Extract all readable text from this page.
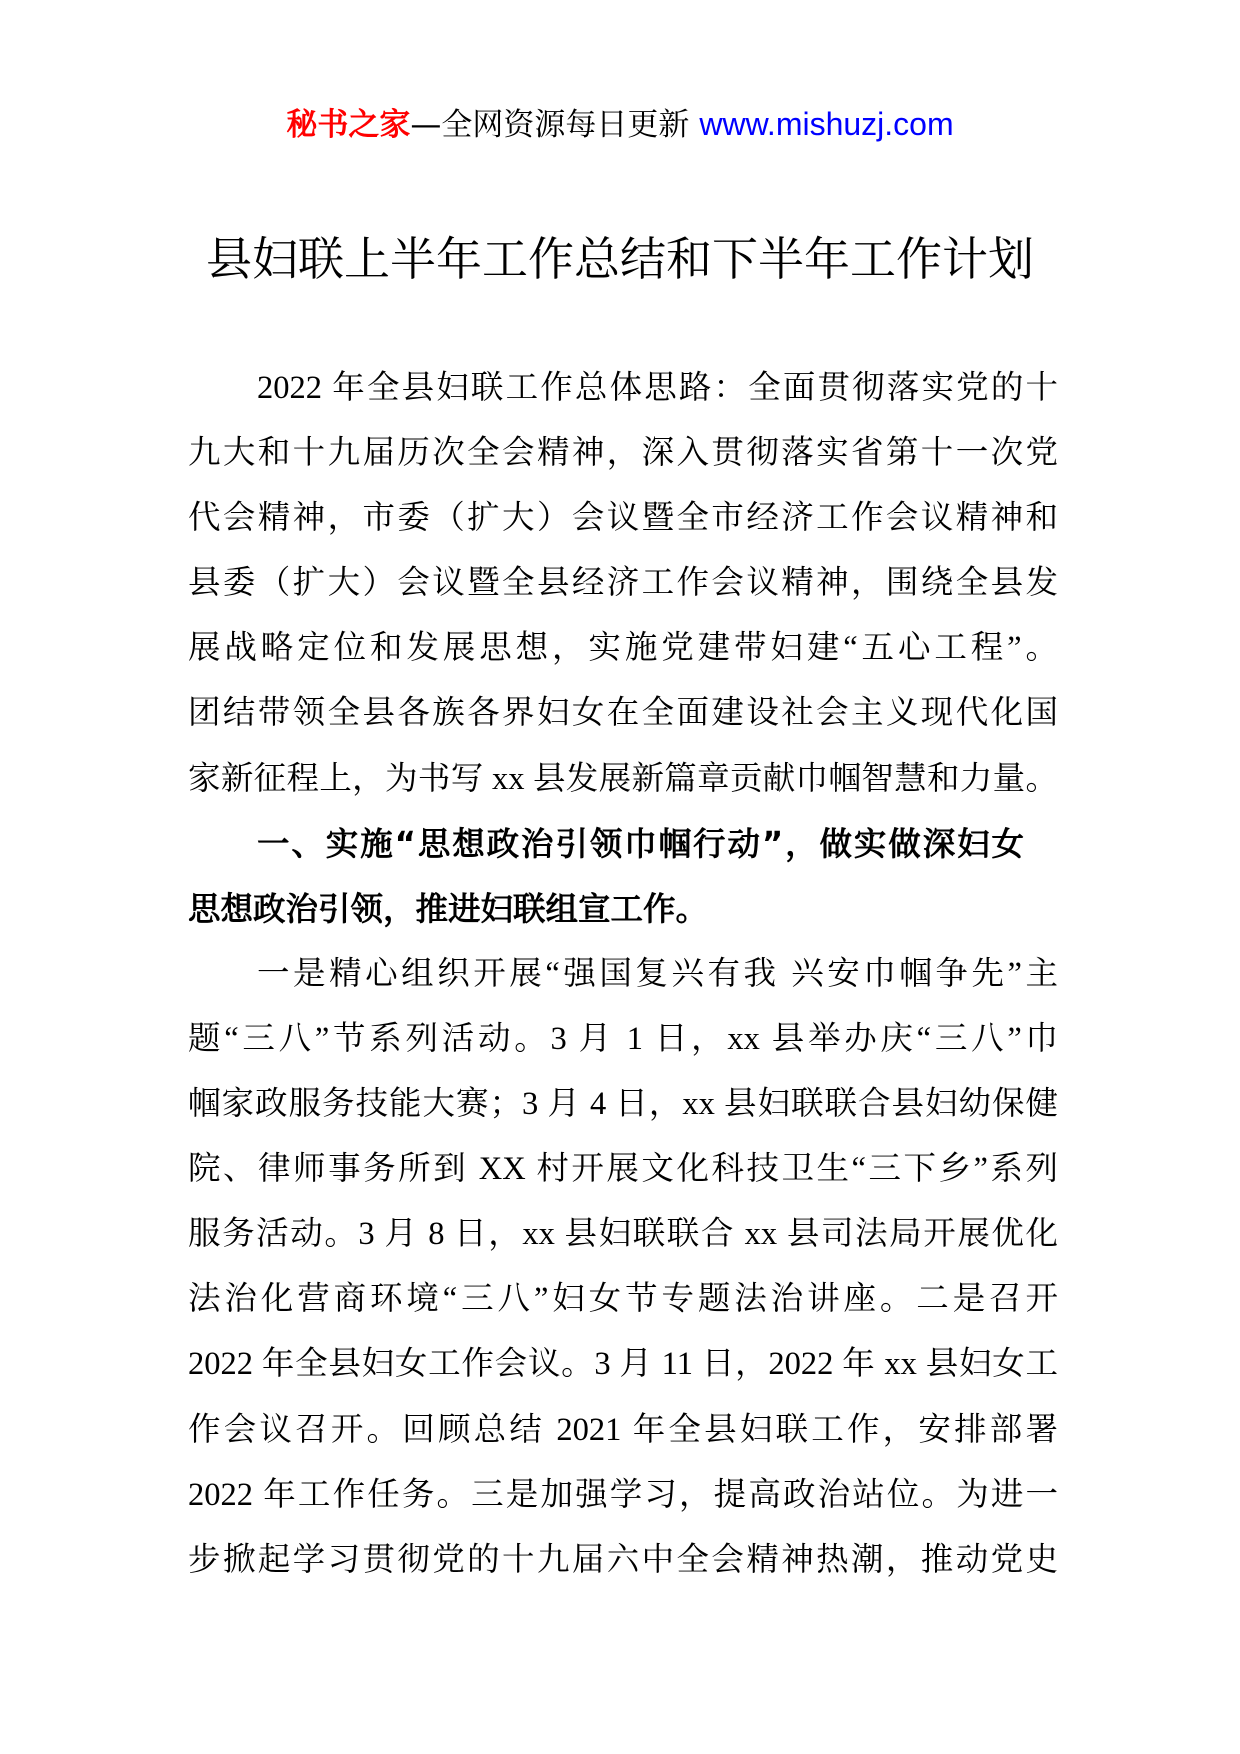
秘书之家—全网资源每日更新 www.mishuzj.com
县妇联上半年工作总结和下半年工作计划
2022 年全县妇联工作总体思路：全面贯彻落实党的十
九大和十九届历次全会精神，深入贯彻落实省第十一次党
代会精神，市委（扩大）会议暨全市经济工作会议精神和
县委（扩大）会议暨全县经济工作会议精神，围绕全县发
展战略定位和发展思想，实施党建带妇建“五心工程”。
团结带领全县各族各界妇女在全面建设社会主义现代化国
家新征程上，为书写 xx 县发展新篇章贡献巾帼智慧和力量。
一、实施“思想政治引领巾帼行动”，做实做深妇女
思想政治引领，推进妇联组宣工作。
一是精心组织开展“强国复兴有我 兴安巾帼争先”主
题“三八”节系列活动。3 月 1 日，xx 县举办庆“三八”巾
帼家政服务技能大赛；3 月 4 日，xx 县妇联联合县妇幼保健
院、律师事务所到 XX 村开展文化科技卫生“三下乡”系列
服务活动。3 月 8 日，xx 县妇联联合 xx 县司法局开展优化
法治化营商环境“三八”妇女节专题法治讲座。二是召开
2022 年全县妇女工作会议。3 月 11 日，2022 年 xx 县妇女工
作会议召开。回顾总结 2021 年全县妇联工作，安排部署
2022 年工作任务。三是加强学习，提高政治站位。为进一
步掀起学习贯彻党的十九届六中全会精神热潮，推动党史
